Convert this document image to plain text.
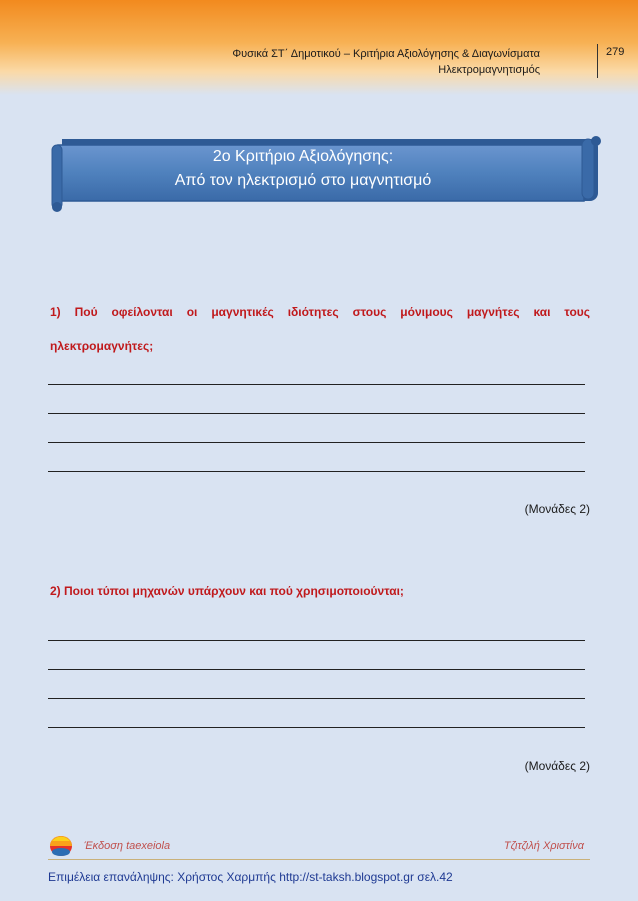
Φυσικά ΣΤ΄ Δημοτικού – Κριτήρια Αξιολόγησης & Διαγωνίσματα
Ηλεκτρομαγνητισμός
279
2ο Κριτήριο Αξιολόγησης:
Από τον ηλεκτρισμό στο μαγνητισμό
1) Πού οφείλονται οι μαγνητικές ιδιότητες στους μόνιμους μαγνήτες και τους ηλεκτρομαγνήτες;
(Μονάδες 2)
2) Ποιοι τύποι μηχανών υπάρχουν και πού χρησιμοποιούνται;
(Μονάδες 2)
Έκδοση taexeiola	Τζιτζιλή Χριστίνα
Επιμέλεια επανάληψης: Χρήστος Χαρμπής http://st-taksh.blogspot.gr σελ.42
